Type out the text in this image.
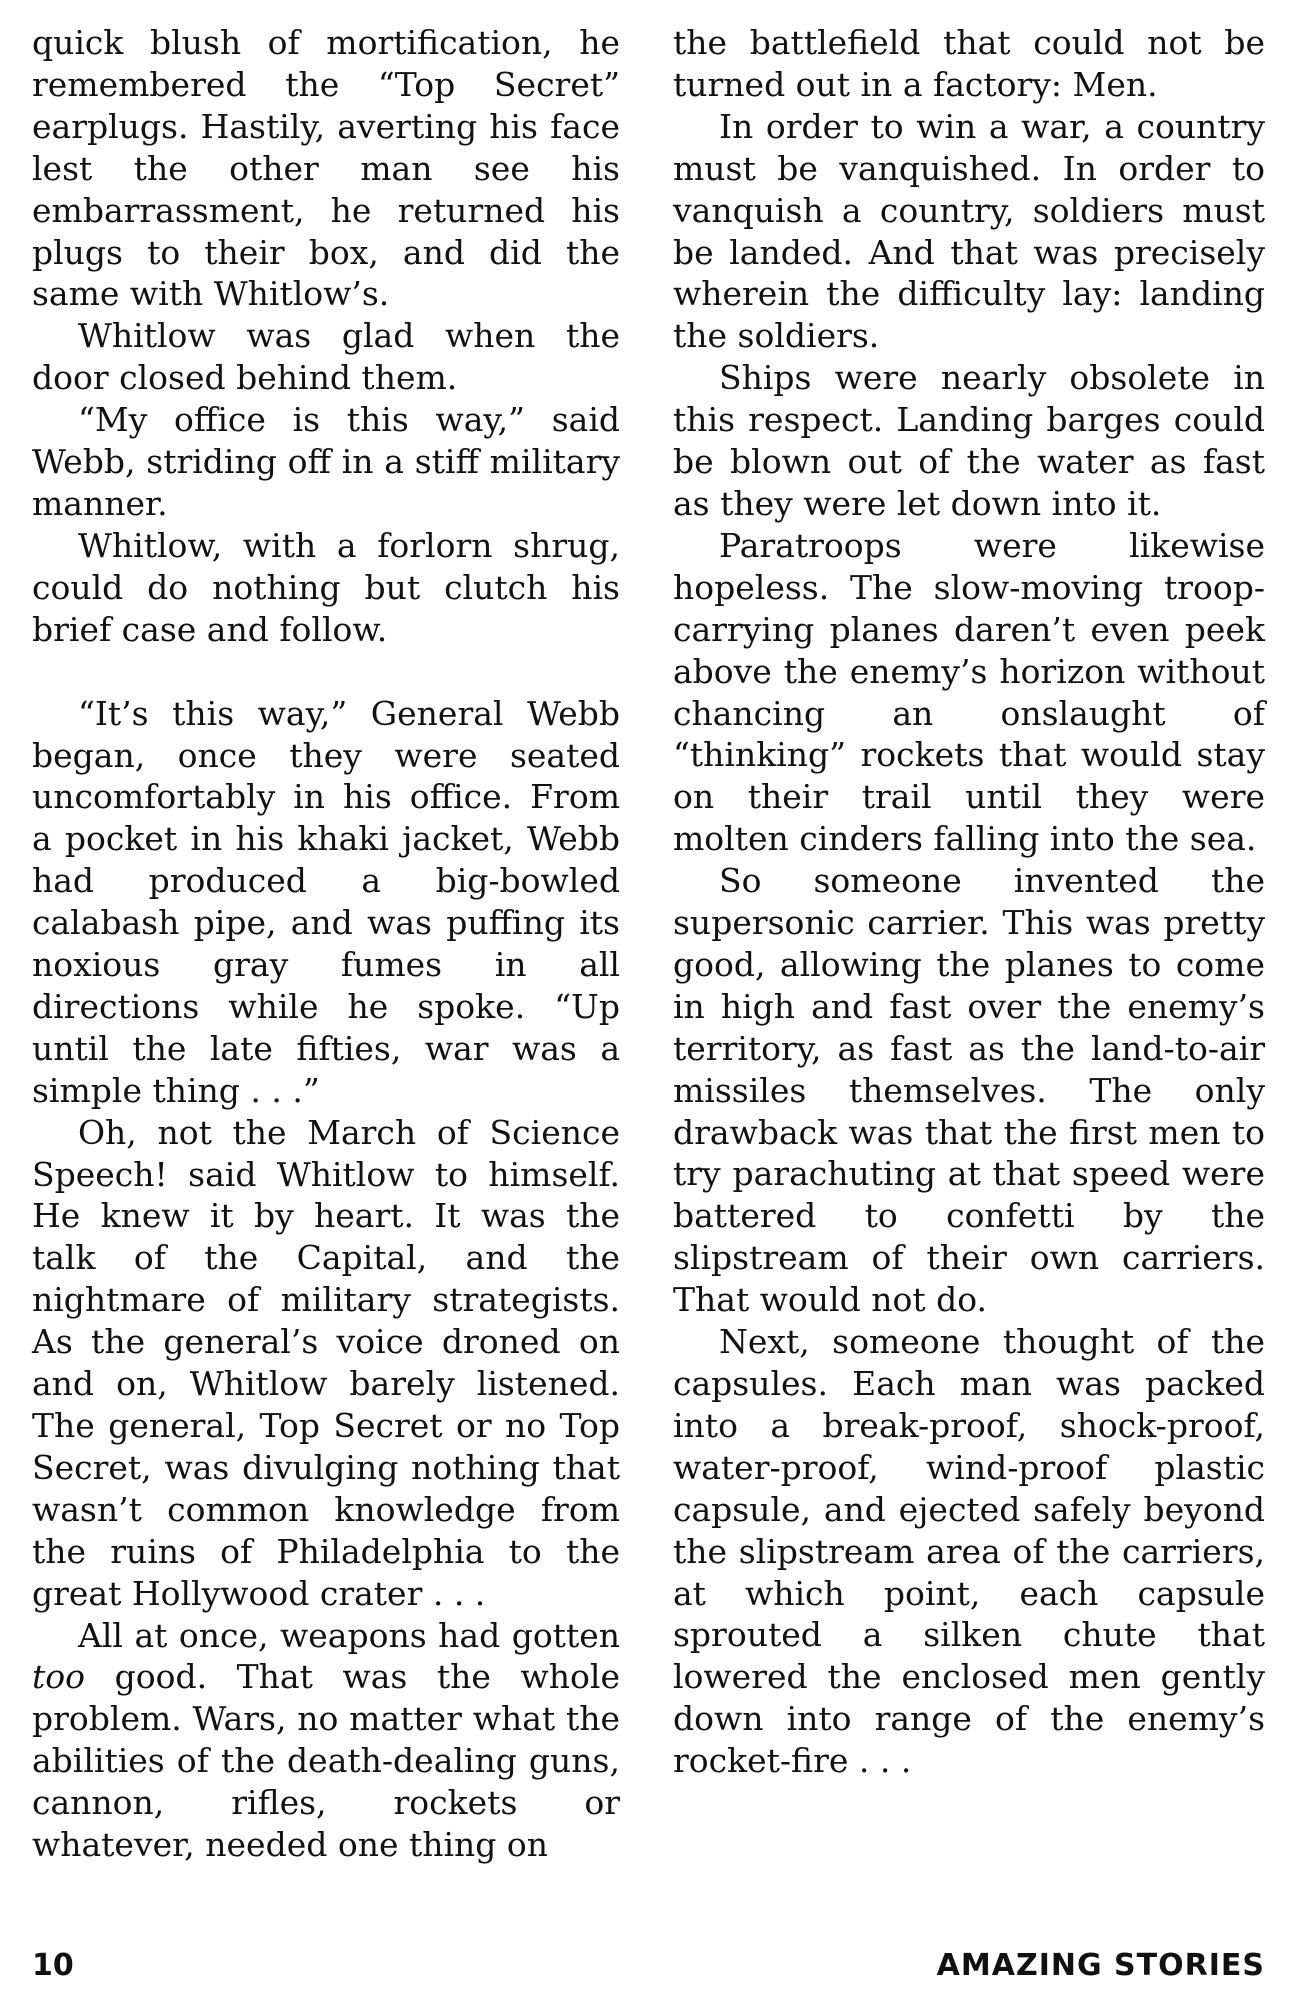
quick blush of mortification, he remembered the “Top Secret” earplugs. Hastily, averting his face lest the other man see his embarrassment, he returned his plugs to their box, and did the same with Whitlow’s.

Whitlow was glad when the door closed behind them.

“My office is this way,” said Webb, striding off in a stiff military manner.

Whitlow, with a forlorn shrug, could do nothing but clutch his brief case and follow.

“It’s this way,” General Webb began, once they were seated uncomfortably in his office. From a pocket in his khaki jacket, Webb had produced a big-bowled calabash pipe, and was puffing its noxious gray fumes in all directions while he spoke. “Up until the late fifties, war was a simple thing . . .”

Oh, not the March of Science Speech! said Whitlow to himself. He knew it by heart. It was the talk of the Capital, and the nightmare of military strategists. As the general’s voice droned on and on, Whitlow barely listened. The general, Top Secret or no Top Secret, was divulging nothing that wasn’t common knowledge from the ruins of Philadelphia to the great Hollywood crater . . .

All at once, weapons had gotten too good. That was the whole problem. Wars, no matter what the abilities of the death-dealing guns, cannon, rifles, rockets or whatever, needed one thing on

the battlefield that could not be turned out in a factory: Men.

In order to win a war, a country must be vanquished. In order to vanquish a country, soldiers must be landed. And that was precisely wherein the difficulty lay: landing the soldiers.

Ships were nearly obsolete in this respect. Landing barges could be blown out of the water as fast as they were let down into it.

Paratroops were likewise hopeless. The slow-moving troop-carrying planes daren’t even peek above the enemy’s horizon without chancing an onslaught of “thinking” rockets that would stay on their trail until they were molten cinders falling into the sea.

So someone invented the supersonic carrier. This was pretty good, allowing the planes to come in high and fast over the enemy’s territory, as fast as the land-to-air missiles themselves. The only drawback was that the first men to try parachuting at that speed were battered to confetti by the slipstream of their own carriers. That would not do.

Next, someone thought of the capsules. Each man was packed into a break-proof, shock-proof, water-proof, wind-proof plastic capsule, and ejected safely beyond the slipstream area of the carriers, at which point, each capsule sprouted a silken chute that lowered the enclosed men gently down into range of the enemy’s rocket-fire . . .

10	AMAZING STORIES
